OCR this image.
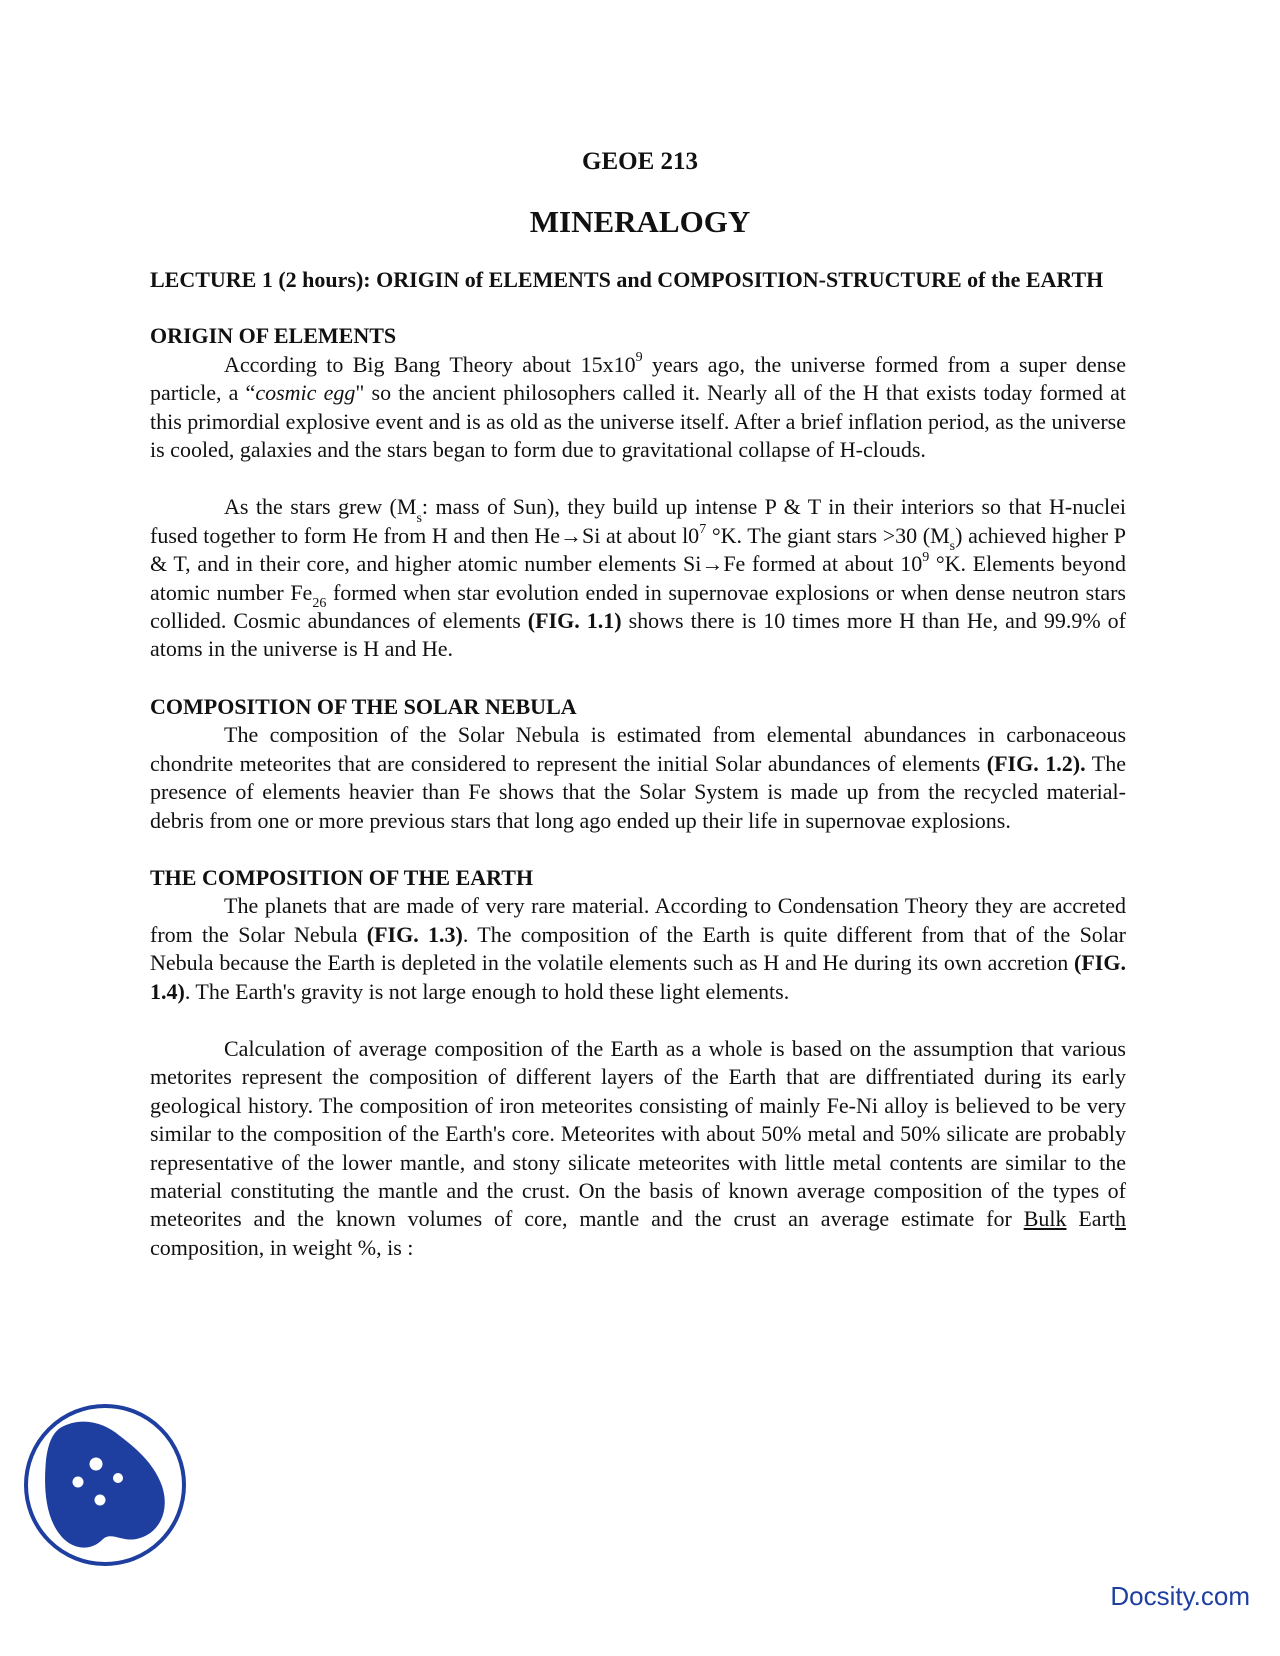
GEOE 213
MINERALOGY

LECTURE 1 (2 hours): ORIGIN of ELEMENTS and COMPOSITION-STRUCTURE of the EARTH

ORIGIN OF ELEMENTS

According to Big Bang Theory about $15x10^9$ years ago, the universe formed from a super dense particle, a “cosmic egg" so the ancient philosophers called it. Nearly all of the H that exists today formed at this primordial explosive event and is as old as the universe itself. After a brief inflation period, as the universe is cooled, galaxies and the stars began to form due to gravitational collapse of H-clouds.

As the stars grew ($M_s$: mass of Sun), they build up intense P & T in their interiors so that H-nuclei fused together to form He from H and then He→Si at about $l0^7$ °K. The giant stars >30 $(M_s)$ achieved higher P & T, and in their core, and higher atomic number elements Si→Fe formed at about $10^9$ °K. Elements beyond atomic number $Fe_{26}$ formed when star evolution ended in supernovae explosions or when dense neutron stars collided. Cosmic abundances of elements (FIG. 1.1) shows there is 10 times more H than He, and 99.9% of atoms in the universe is H and He.

COMPOSITION OF THE SOLAR NEBULA

The composition of the Solar Nebula is estimated from elemental abundances in carbonaceous chondrite meteorites that are considered to represent the initial Solar abundances of elements (FIG. 1.2). The presence of elements heavier than Fe shows that the Solar System is made up from the recycled material-debris from one or more previous stars that long ago ended up their life in supernovae explosions.

THE COMPOSITION OF THE EARTH

The planets that are made of very rare material. According to Condensation Theory they are accreted from the Solar Nebula (FIG. 1.3). The composition of the Earth is quite different from that of the Solar Nebula because the Earth is depleted in the volatile elements such as H and He during its own accretion (FIG. 1.4). The Earth's gravity is not large enough to hold these light elements.

Calculation of average composition of the Earth as a whole is based on the assumption that various metorites represent the composition of different layers of the Earth that are diffrentiated during its early geological history. The composition of iron meteorites consisting of mainly Fe-Ni alloy is believed to be very similar to the composition of the Earth's core. Meteorites with about 50% metal and 50% silicate are probably representative of the lower mantle, and stony silicate meteorites with little metal contents are similar to the material constituting the mantle and the crust. On the basis of known average composition of the types of meteorites and the known volumes of core, mantle and the crust an average estimate for Bulk Earth composition, in weight %, is :

Docsity.com
